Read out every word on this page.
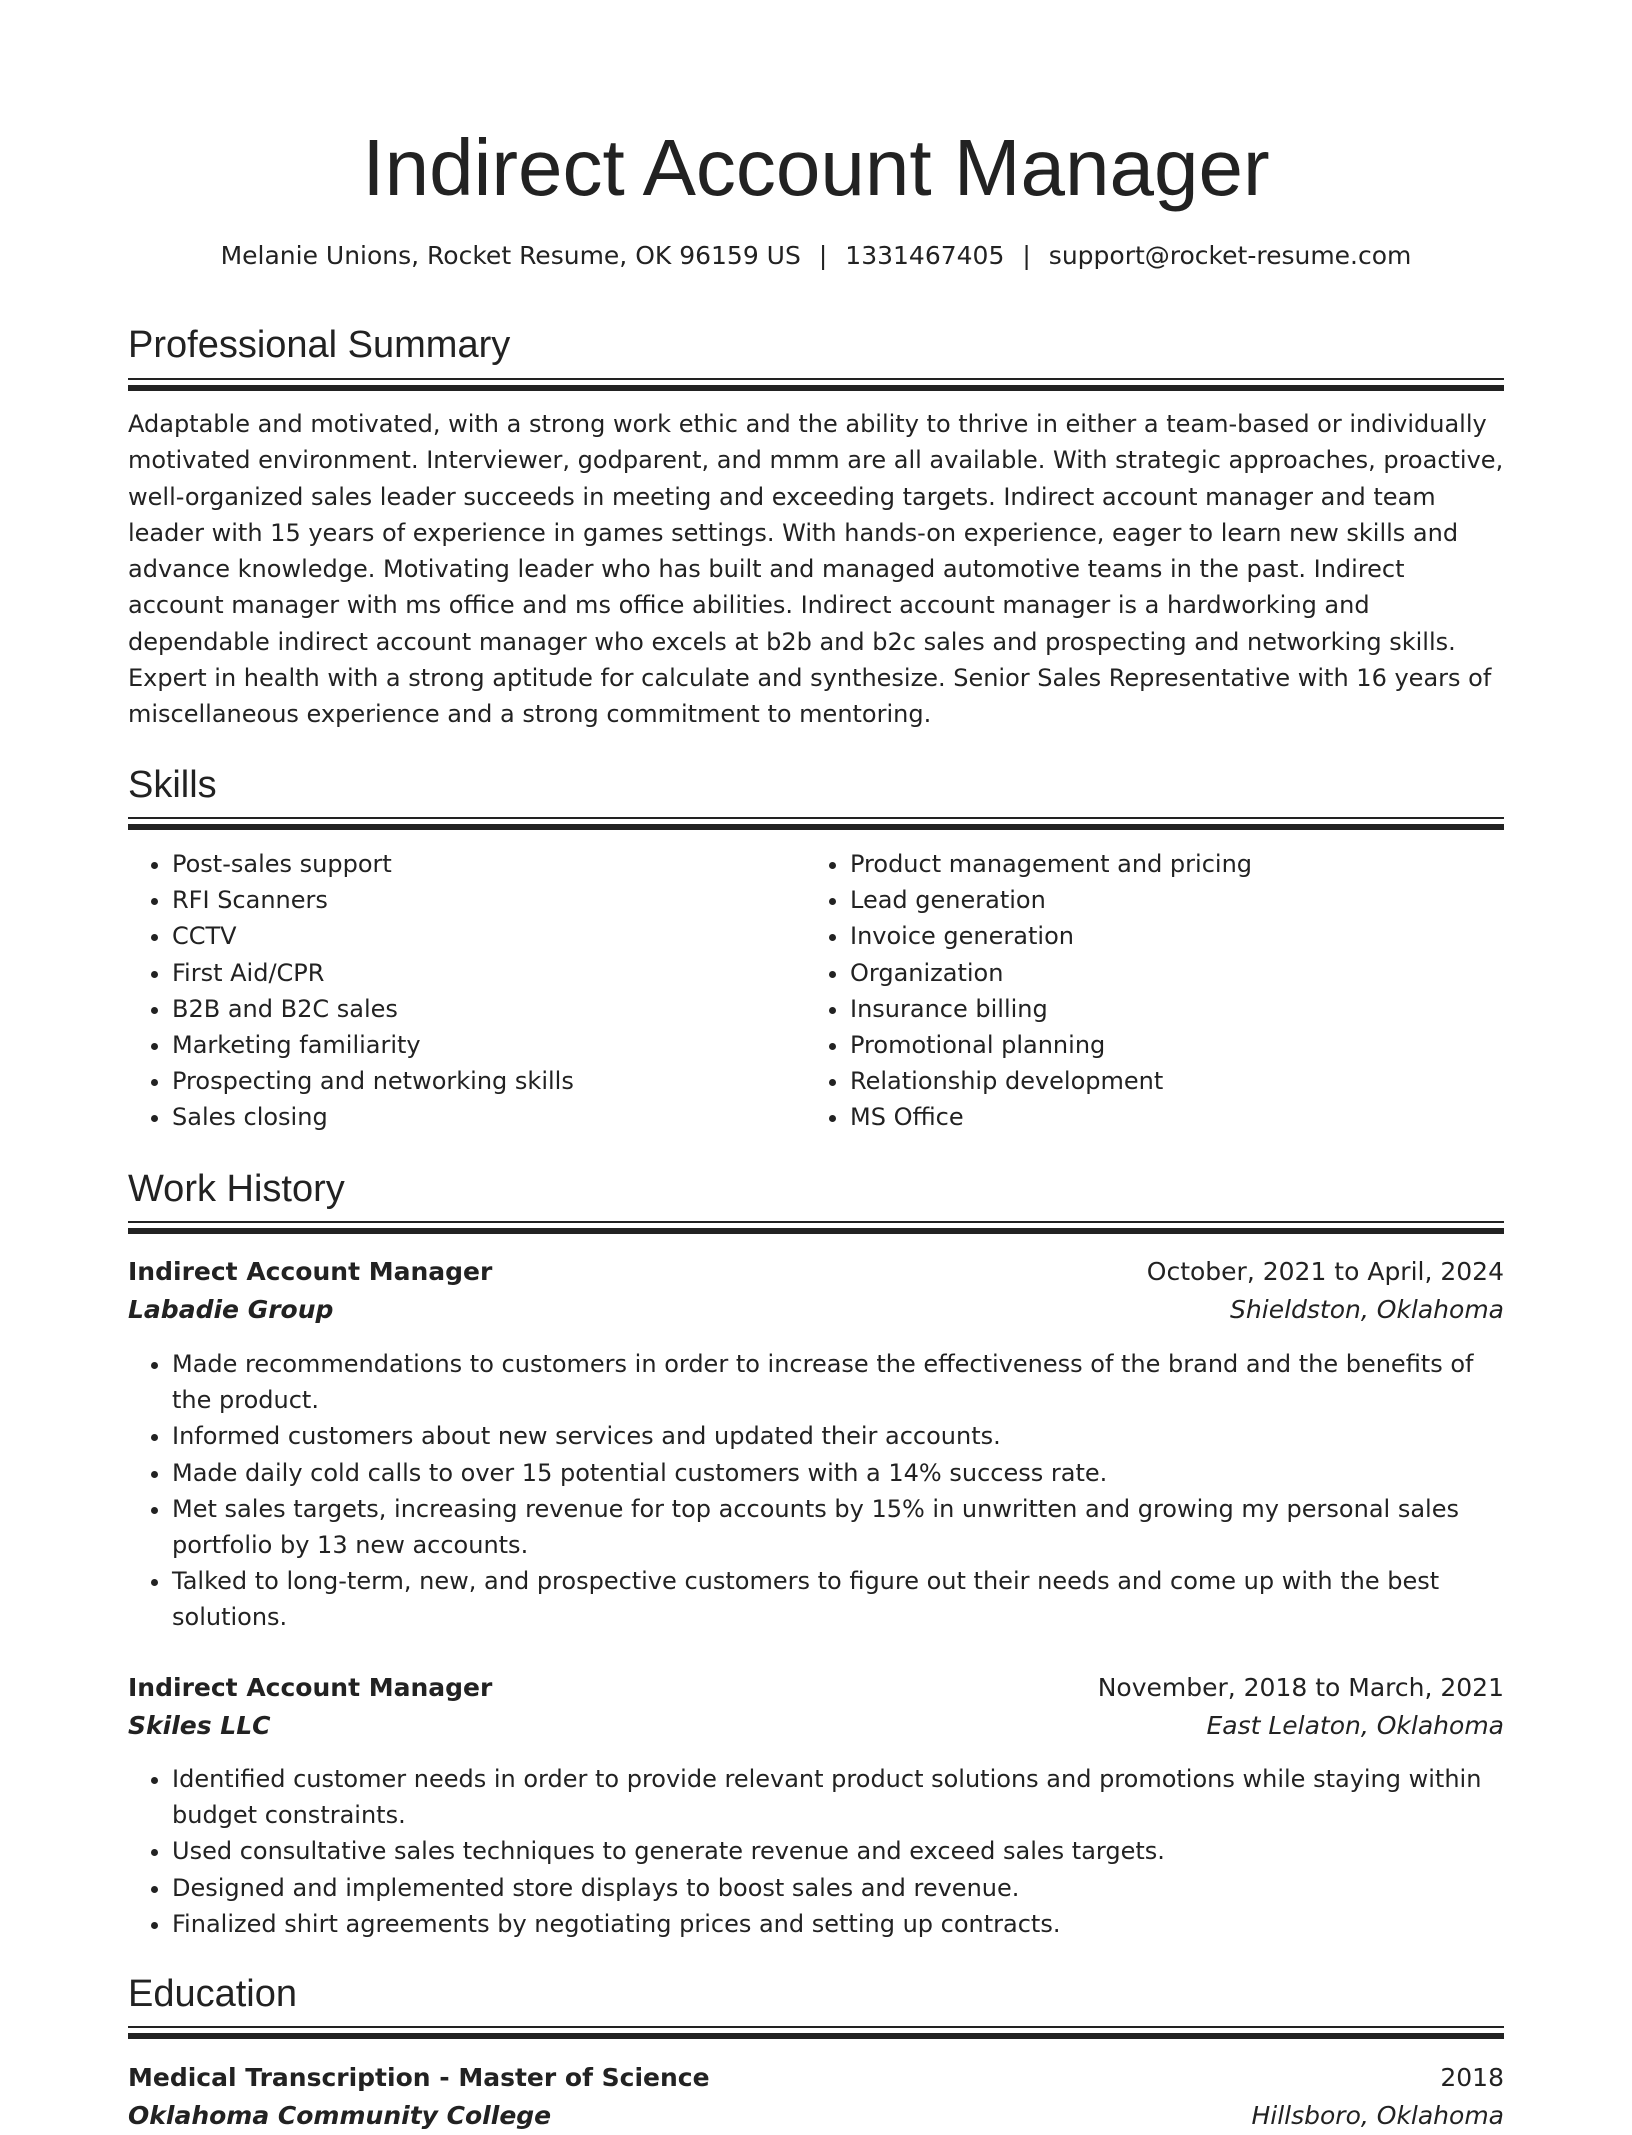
Indirect Account Manager
Melanie Unions, Rocket Resume, OK 96159 US | 1331467405 | support@rocket-resume.com
Professional Summary
Adaptable and motivated, with a strong work ethic and the ability to thrive in either a team-based or individually motivated environment. Interviewer, godparent, and mmm are all available. With strategic approaches, proactive, well-organized sales leader succeeds in meeting and exceeding targets. Indirect account manager and team leader with 15 years of experience in games settings. With hands-on experience, eager to learn new skills and advance knowledge. Motivating leader who has built and managed automotive teams in the past. Indirect account manager with ms office and ms office abilities. Indirect account manager is a hardworking and dependable indirect account manager who excels at b2b and b2c sales and prospecting and networking skills. Expert in health with a strong aptitude for calculate and synthesize. Senior Sales Representative with 16 years of miscellaneous experience and a strong commitment to mentoring.
Skills
• Post-sales support
• RFI Scanners
• CCTV
• First Aid/CPR
• B2B and B2C sales
• Marketing familiarity
• Prospecting and networking skills
• Sales closing
• Product management and pricing
• Lead generation
• Invoice generation
• Organization
• Insurance billing
• Promotional planning
• Relationship development
• MS Office
Work History
Indirect Account Manager	October, 2021 to April, 2024
Labadie Group	Shieldston, Oklahoma
• Made recommendations to customers in order to increase the effectiveness of the brand and the benefits of the product.
• Informed customers about new services and updated their accounts.
• Made daily cold calls to over 15 potential customers with a 14% success rate.
• Met sales targets, increasing revenue for top accounts by 15% in unwritten and growing my personal sales portfolio by 13 new accounts.
• Talked to long-term, new, and prospective customers to figure out their needs and come up with the best solutions.
Indirect Account Manager	November, 2018 to March, 2021
Skiles LLC	East Lelaton, Oklahoma
• Identified customer needs in order to provide relevant product solutions and promotions while staying within budget constraints.
• Used consultative sales techniques to generate revenue and exceed sales targets.
• Designed and implemented store displays to boost sales and revenue.
• Finalized shirt agreements by negotiating prices and setting up contracts.
Education
Medical Transcription - Master of Science	2018
Oklahoma Community College	Hillsboro, Oklahoma
